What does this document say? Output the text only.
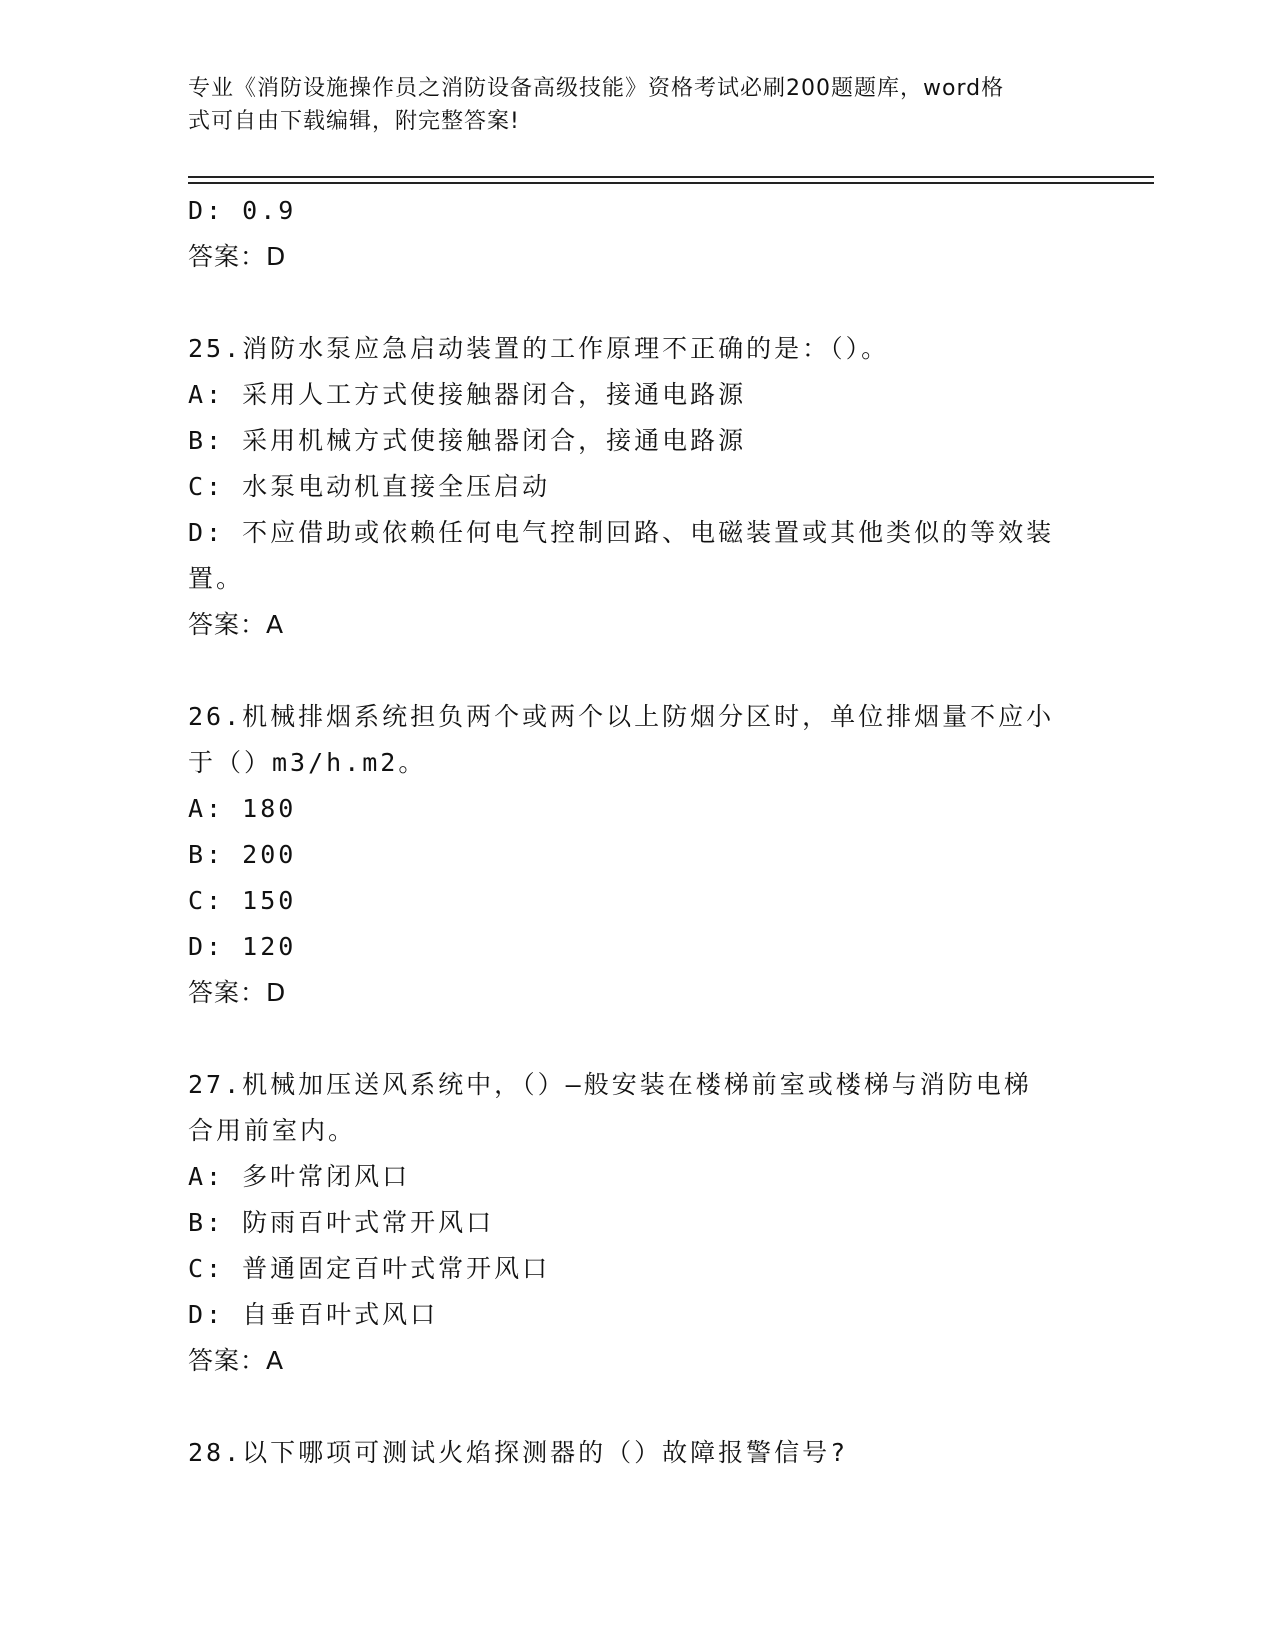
专业《消防设施操作员之消防设备高级技能》资格考试必刷200题题库，word格
式可自由下载编辑，附完整答案!
D: 0.9
答案：D
25.消防水泵应急启动装置的工作原理不正确的是：（）。
A: 采用人工方式使接触器闭合，接通电路源
B: 采用机械方式使接触器闭合，接通电路源
C: 水泵电动机直接全压启动
D: 不应借助或依赖任何电气控制回路、电磁装置或其他类似的等效装
置。
答案：A
26.机械排烟系统担负两个或两个以上防烟分区时，单位排烟量不应小
于（）m3/h.m2。
A: 180
B: 200
C: 150
D: 120
答案：D
27.机械加压送风系统中，（）—般安装在楼梯前室或楼梯与消防电梯
合用前室内。
A: 多叶常闭风口
B: 防雨百叶式常开风口
C: 普通固定百叶式常开风口
D: 自垂百叶式风口
答案：A
28.以下哪项可测试火焰探测器的（）故障报警信号?
